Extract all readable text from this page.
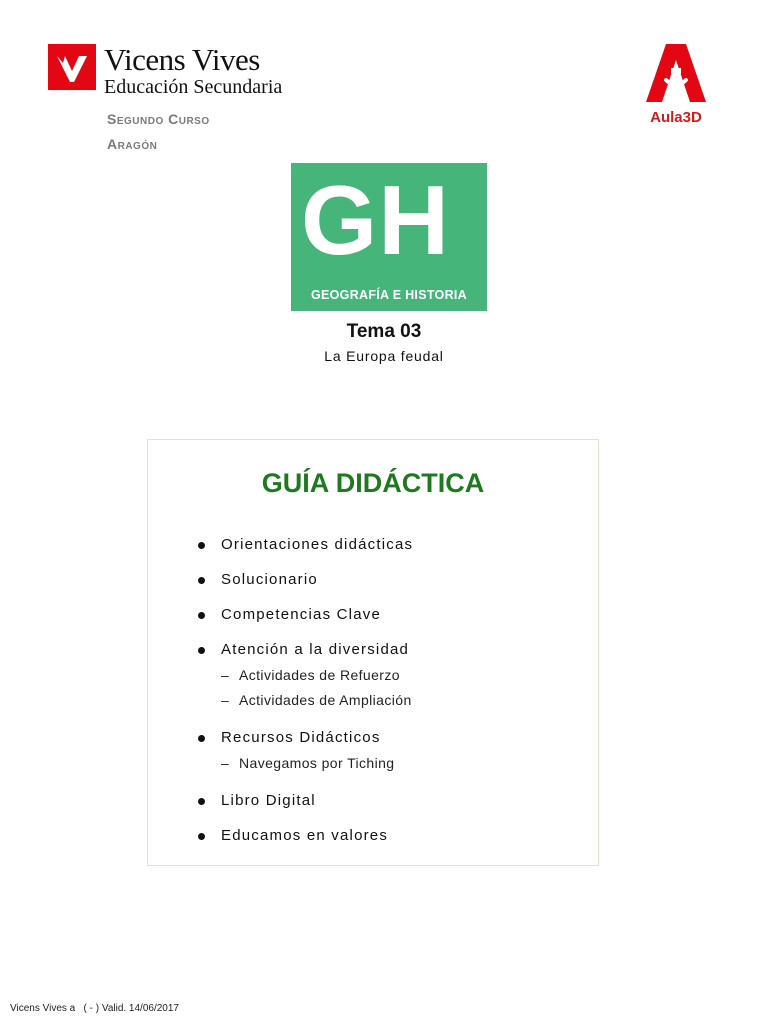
Vicens Vives
Educación Secundaria
Segundo Curso
Aragón
Aula3D
GH
GEOGRAFÍA E HISTORIA
Tema 03
La Europa feudal
GUÍA DIDÁCTICA
Orientaciones didácticas
Solucionario
Competencias Clave
Atención a la diversidad
– Actividades de Refuerzo
– Actividades de Ampliación
Recursos Didácticos
– Navegamos por Tiching
Libro Digital
Educamos en valores
Vicens Vives a   ( - ) Valid. 14/06/2017
